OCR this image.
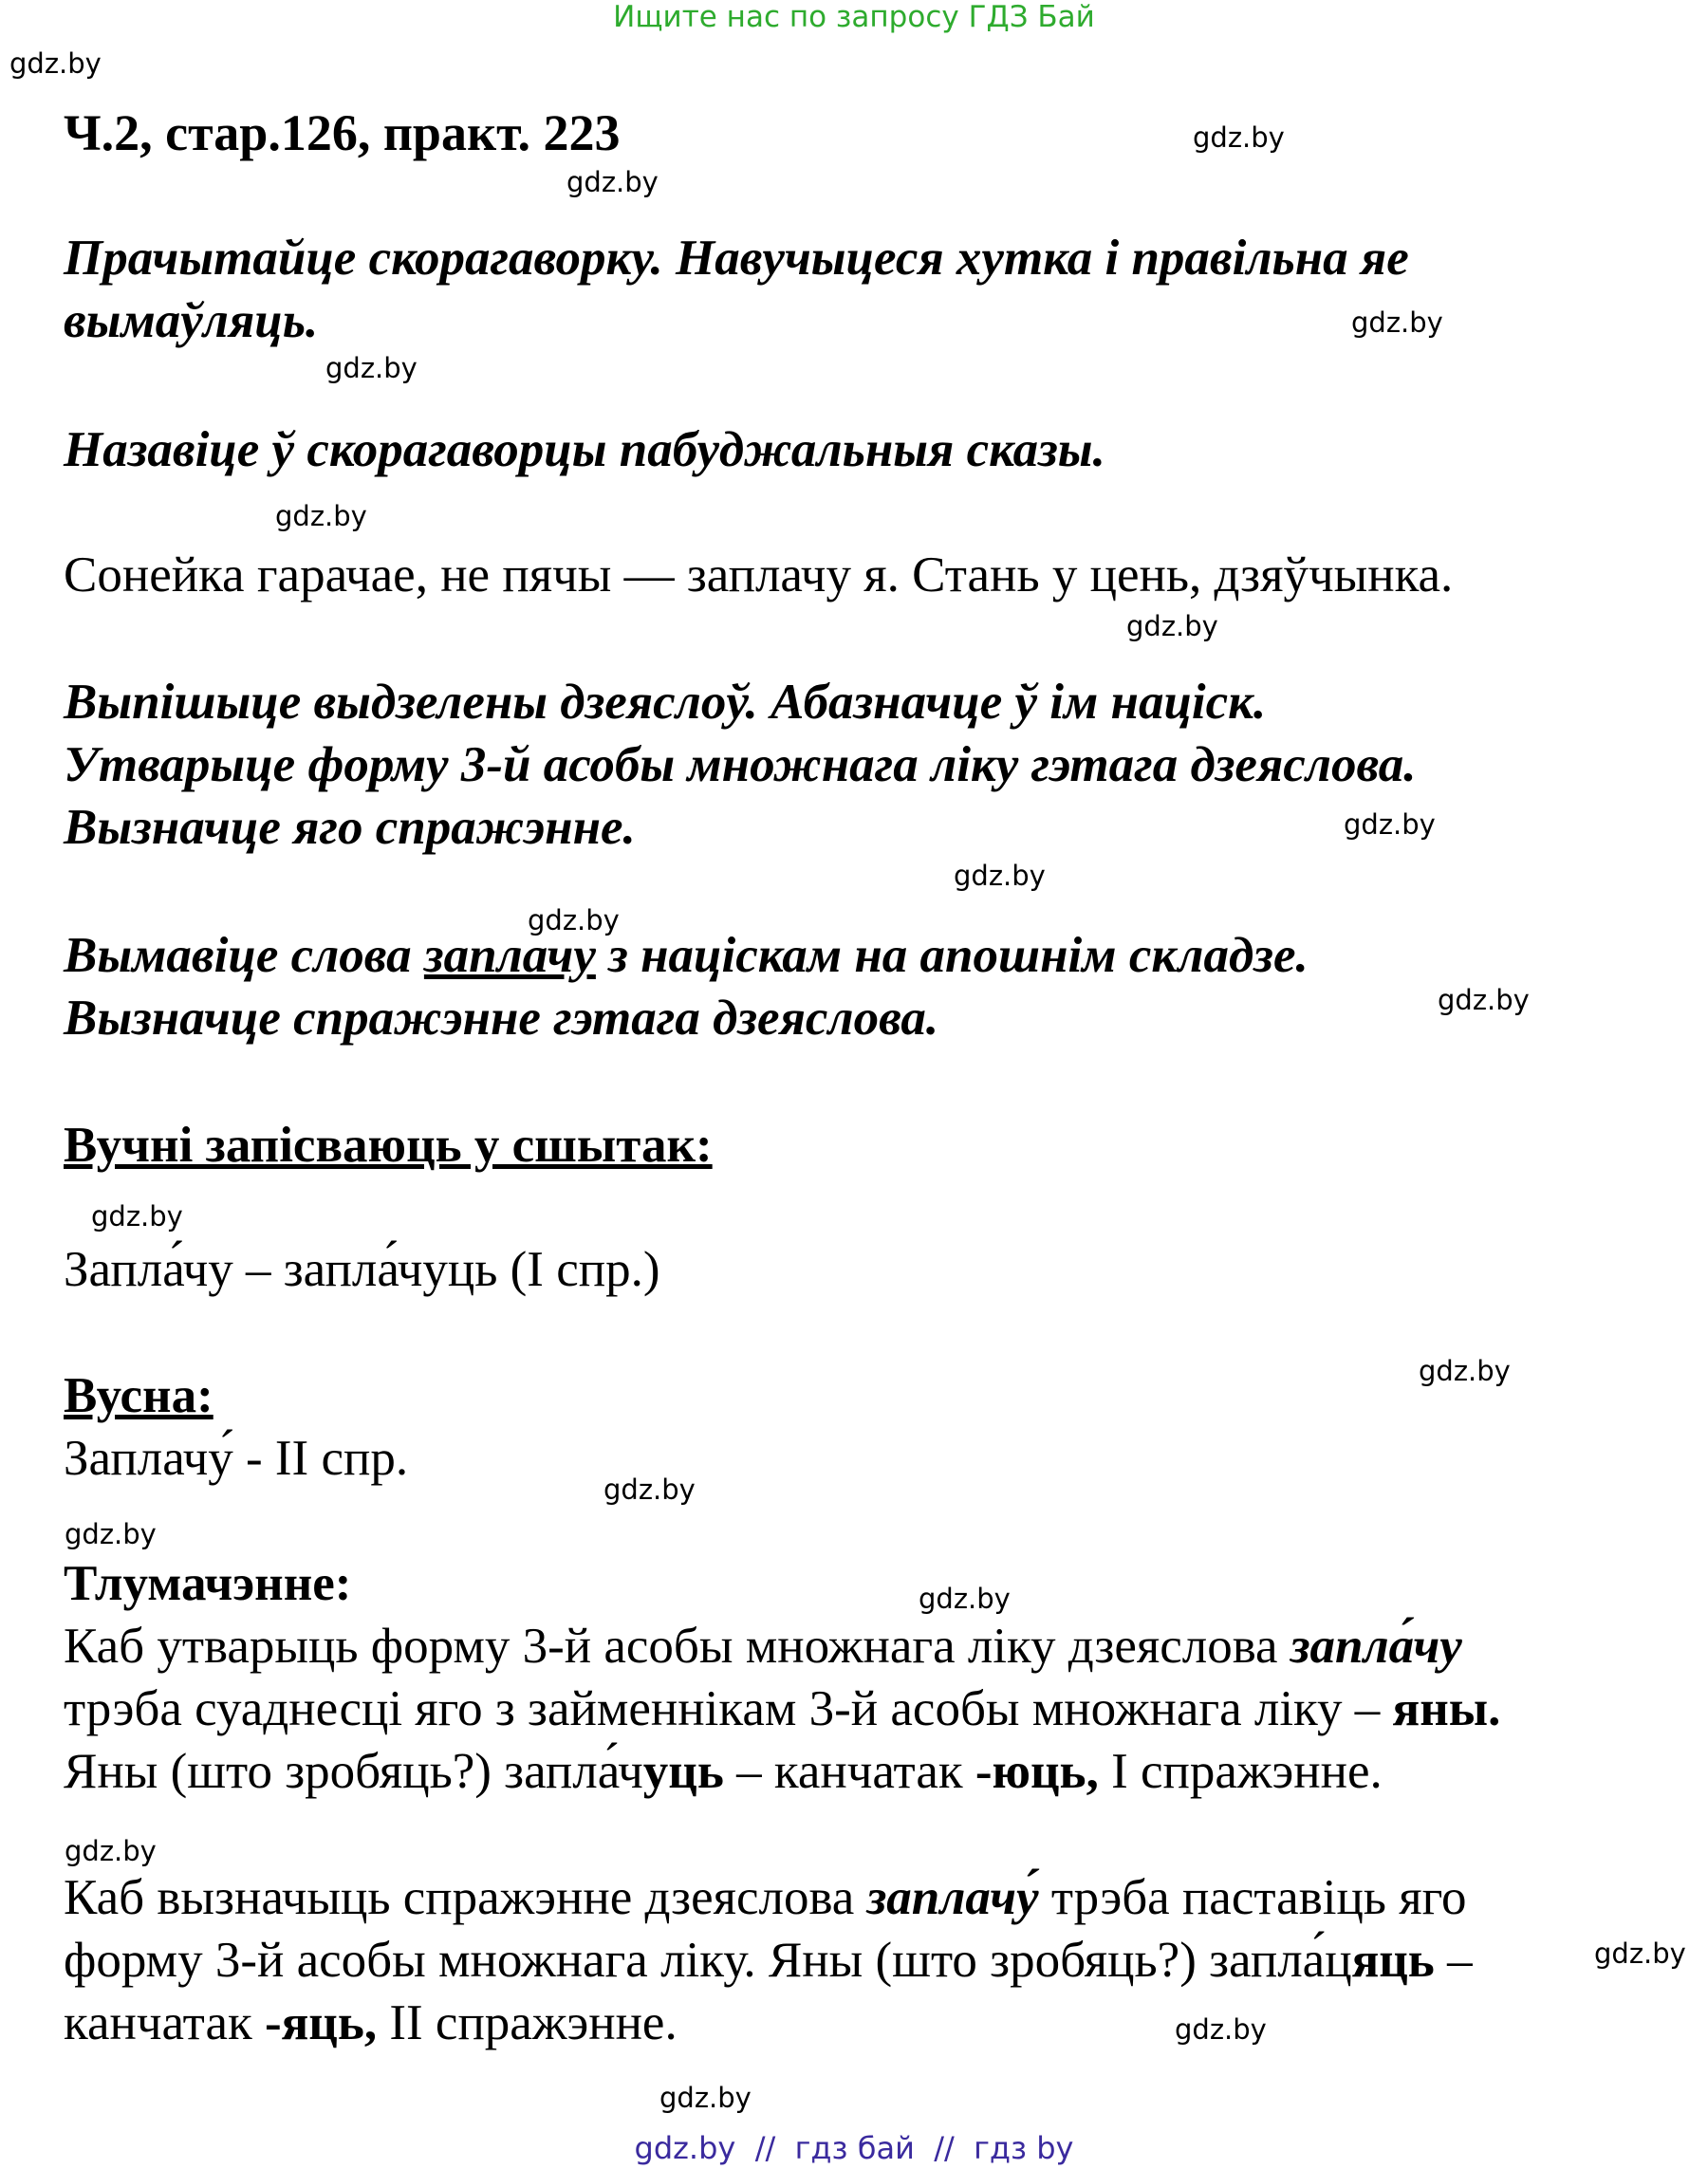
Ищите нас по запросу ГДЗ Бай
gdz.by
gdz.by
gdz.by
gdz.by
gdz.by
gdz.by
gdz.by
gdz.by
gdz.by
gdz.by
gdz.by
gdz.by
gdz.by
gdz.by
gdz.by
gdz.by
gdz.by
gdz.by
gdz.by
gdz.by
Ч.2, стар.126, практ. 223
Прачытайце скорагаворку. Навучыцеся хутка і правільна яе
вымаўляць.
Назавіце ў скорагаворцы пабуджальныя сказы.
Сонейка гарачае, не пячы — заплачу я. Стань у цень, дзяўчынка.
Выпішыце выдзелены дзеяслоў. Абазначце ў ім націск.
Утварыце форму 3-й асобы множнага ліку гэтага дзеяслова.
Вызначце яго спражэнне.
Вымавіце слова заплачу з націскам на апошнім складзе.
Вызначце спражэнне гэтага дзеяслова.
Вучні запісваюць у сшытак:
Запла́чу – запла́чуць (I спр.)
Вусна:
Заплачу́ - II спр.
Тлумачэнне:
Каб утварыць форму 3-й асобы множнага ліку дзеяслова запла́чу
трэба суаднесці яго з займеннікам 3-й асобы множнага ліку – яны.
Яны (што зробяць?) запла́чуць – канчатак -юць, I спражэнне.
Каб вызначыць спражэнне дзеяслова заплачу́ трэба паставіць яго
форму 3-й асобы множнага ліку. Яны (што зробяць?) запла́цяць –
канчатак -яць, II спражэнне.
gdz.by  //  гдз бай  //  гдз by
